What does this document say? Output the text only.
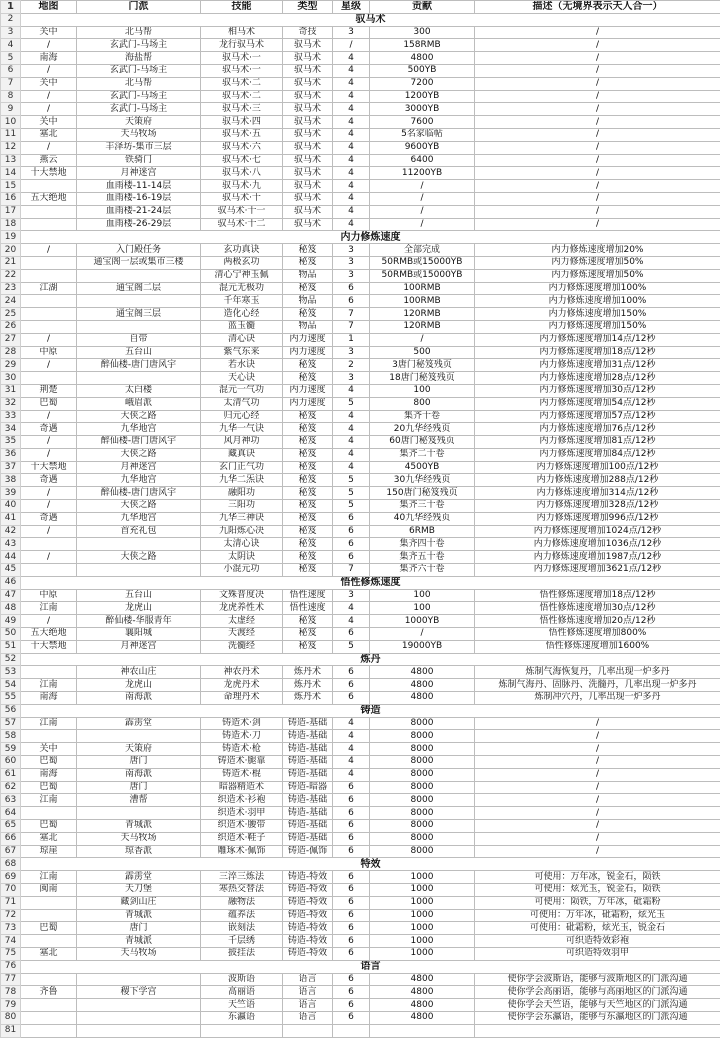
1	地图	门派	技能	类型	星级	贡献	描述（无境界表示天人合一）
2	驭马术						
3	关中	北马帮	相马术	奇技	3	300	/
4	/	玄武门-马场主	龙行驭马术	驭马术	/	158RMB	/
5	南海	海盐帮	驭马术·一	驭马术	4	4800	/
6	/	玄武门-马场主	驭马术·一	驭马术	4	500YB	/
7	关中	北马帮	驭马术·二	驭马术	4	7200	/
8	/	玄武门-马场主	驭马术·二	驭马术	4	1200YB	/
9	/	玄武门-马场主	驭马术·三	驭马术	4	3000YB	/
10	关中	天策府	驭马术·四	驭马术	4	7600	/
11	塞北	天马牧场	驭马术·五	驭马术	4	5名家临帖	/
12	/	丰泽坊-集市三层	驭马术·六	驭马术	4	9600YB	/
13	燕云	铁骑门	驭马术·七	驭马术	4	6400	/
14	十大禁地	月神迷宫	驭马术·八	驭马术	4	11200YB	/
15		血雨楼-11-14层	驭马术·九	驭马术	4	/	/
16	五大绝地	血雨楼-16-19层	驭马术·十	驭马术	4	/	/
17		血雨楼-21-24层	驭马术·十一	驭马术	4	/	/
18		血雨楼-26-29层	驭马术·十二	驭马术	4	/	/
19	内力修炼速度						
20	/	入门殿任务	玄功真诀	秘笈	3	全部完成	内力修炼速度增加20%
21		通宝阁一层或集市三楼	两极玄功	秘笈	3	50RMB或15000YB	内力修炼速度增加50%
22			清心宁神玉佩	物品	3	50RMB或15000YB	内力修炼速度增加50%
23	江湖	通宝阁二层	混元无极功	秘笈	6	100RMB	内力修炼速度增加100%
24			千年寒玉	物品	6	100RMB	内力修炼速度增加100%
25		通宝阁三层	造化心经	秘笈	7	120RMB	内力修炼速度增加150%
26			蓝玉髓	物品	7	120RMB	内力修炼速度增加150%
27	/	自带	清心诀	内力速度	1	/	内力修炼速度增加14点/12秒
28	中原	五台山	紫气东来	内力速度	3	500	内力修炼速度增加18点/12秒
29	/	醉仙楼-唐门唐风宇	若水诀	秘笈	2	3唐门秘笈残页	内力修炼速度增加31点/12秒
30			天心诀	秘笈	3	18唐门秘笈残页	内力修炼速度增加28点/12秒
31	荆楚	太白楼	混元一气功	内力速度	4	100	内力修炼速度增加30点/12秒
32	巴蜀	峨眉派	太清气功	内力速度	5	800	内力修炼速度增加54点/12秒
33	/	大侠之路	归元心经	秘笈	4	集齐十卷	内力修炼速度增加57点/12秒
34	奇遇	九华地宫	九华一气诀	秘笈	4	20九华经残页	内力修炼速度增加76点/12秒
35	/	醉仙楼-唐门唐风宇	风月神功	秘笈	4	60唐门秘笈残页	内力修炼速度增加81点/12秒
36	/	大侠之路	藏真诀	秘笈	4	集齐二十卷	内力修炼速度增加84点/12秒
37	十大禁地	月神迷宫	玄门正气功	秘笈	4	4500YB	内力修炼速度增加100点/12秒
38	奇遇	九华地宫	九华二炁诀	秘笈	5	30九华经残页	内力修炼速度增加288点/12秒
39	/	醉仙楼-唐门唐风宇	融阳功	秘笈	5	150唐门秘笈残页	内力修炼速度增加314点/12秒
40	/	大侠之路	三阳功	秘笈	5	集齐三十卷	内力修炼速度增加328点/12秒
41	奇遇	九华地宫	九华三神诀	秘笈	6	40九华经残页	内力修炼速度增加996点/12秒
42	/	首充礼包	九阳炼心决	秘笈	6	6RMB	内力修炼速度增加1024点/12秒
43			太清心诀	秘笈	6	集齐四十卷	内力修炼速度增加1036点/12秒
44	/	大侠之路	太阴诀	秘笈	6	集齐五十卷	内力修炼速度增加1987点/12秒
45			小混元功	秘笈	7	集齐六十卷	内力修炼速度增加3621点/12秒
46	悟性修炼速度						
47	中原	五台山	文殊普度决	悟性速度	3	100	悟性修炼速度增加18点/12秒
48	江南	龙虎山	龙虎养性术	悟性速度	4	100	悟性修炼速度增加30点/12秒
49	/	醉仙楼-华服青年	太虚经	秘笈	4	1000YB	悟性修炼速度增加20点/12秒
50	五大绝地	襄阳城	天渡经	秘笈	6	/	悟性修炼速度增加800%
51	十大禁地	月神迷宫	洗髓经	秘笈	5	19000YB	悟性修炼速度增加1600%
52	炼丹						
53		神农山庄	神农丹术	炼丹术	6	4800	炼制气海恢复丹，几率出现一炉多丹
54	江南	龙虎山	龙虎丹术	炼丹术	6	4800	炼制气海丹、固脉丹、洗髓丹，几率出现一炉多丹
55	南海	南海派	命理丹术	炼丹术	6	4800	炼制冲穴丹，几率出现一炉多丹
56	铸造						
57	江南	霹雳堂	铸造术·剑	铸造-基础	4	8000	/
58			铸造术·刀	铸造-基础	4	8000	/
59	关中	天策府	铸造术·枪	铸造-基础	4	8000	/
60	巴蜀	唐门	铸造术·腿靠	铸造-基础	4	8000	/
61	南海	南海派	铸造术·棍	铸造-基础	4	8000	/
62	巴蜀	唐门	暗器精造术	铸造-暗器	6	8000	/
63	江南	漕帮	织造术·衫袍	铸造-基础	6	8000	/
64			织造术·羽甲	铸造-基础	6	8000	/
65	巴蜀	青城派	织造术·腰带	铸造-基础	6	8000	/
66	塞北	天马牧场	织造术·鞋子	铸造-基础	6	8000	/
67	琼崖	琼香派	雕琢术·佩饰	铸造-佩饰	6	8000	/
68	特效						
69	江南	霹雳堂	三淬三炼法	铸造-特效	6	1000	可使用：万年冰，锐金石，陨铁
70	闽南	天刀堡	寒热交替法	铸造-特效	6	1000	可使用：炫光玉，锐金石，陨铁
71		藏剑山庄	融物法	铸造-特效	6	1000	可使用：陨铁，万年冰，砒霜粉
72		青城派	蕴养法	铸造-特效	6	1000	可使用：万年冰，砒霜粉，炫光玉
73	巴蜀	唐门	嵌刻法	铸造-特效	6	1000	可使用：砒霜粉，炫光玉，锐金石
74		青城派	千层绣	铸造-特效	6	1000	可织造特效彩袍
75	塞北	天马牧场	披挂法	铸造-特效	6	1000	可织造特效羽甲
76	语言						
77			波斯语	语言	6	4800	使你学会波斯语，能够与波斯地区的门派沟通
78	齐鲁	稷下学宫	高丽语	语言	6	4800	使你学会高丽语，能够与高丽地区的门派沟通
79			天竺语	语言	6	4800	使你学会天竺语，能够与天竺地区的门派沟通
80			东瀛语	语言	6	4800	使你学会东瀛语，能够与东瀛地区的门派沟通
81							
